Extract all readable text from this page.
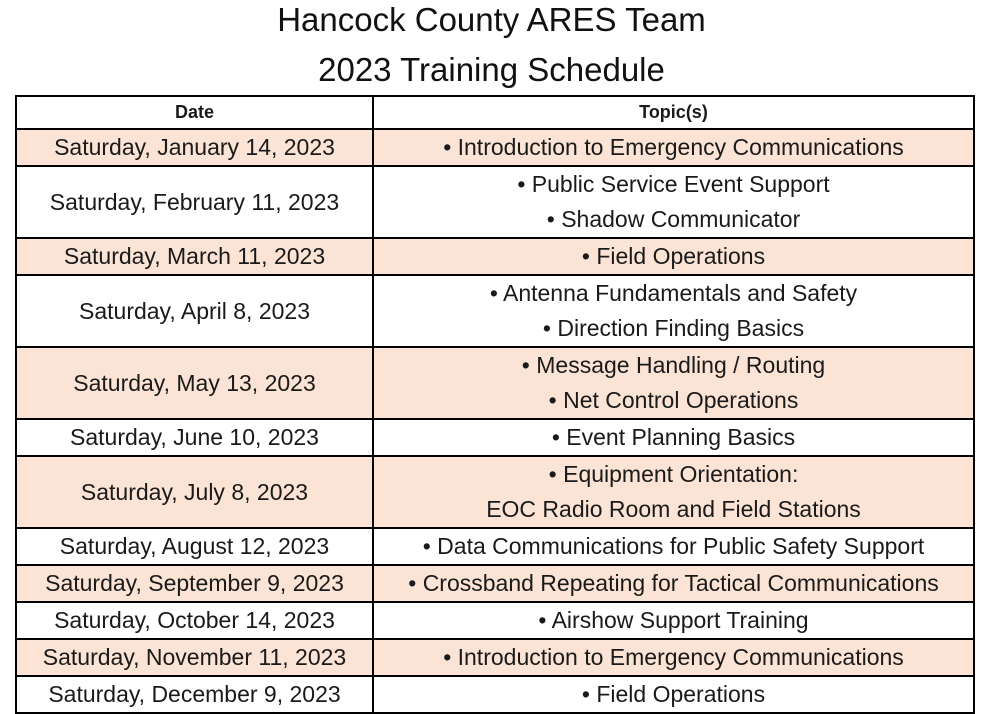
Hancock County ARES Team
2023 Training Schedule
Date	Topic(s)
Saturday, January 14, 2023	• Introduction to Emergency Communications

Saturday, February 11, 2023	• Public Service Event Support
• Shadow Communicator

Saturday, March 11, 2023	• Field Operations

Saturday, April 8, 2023	• Antenna Fundamentals and Safety
• Direction Finding Basics

Saturday, May 13, 2023	• Message Handling / Routing
• Net Control Operations

Saturday, June 10, 2023	• Event Planning Basics

Saturday, July 8, 2023	• Equipment Orientation:
EOC Radio Room and Field Stations

Saturday, August 12, 2023	• Data Communications for Public Safety Support

Saturday, September 9, 2023	• Crossband Repeating for Tactical Communications

Saturday, October 14, 2023	• Airshow Support Training

Saturday, November 11, 2023	• Introduction to Emergency Communications

Saturday, December 9, 2023	• Field Operations
